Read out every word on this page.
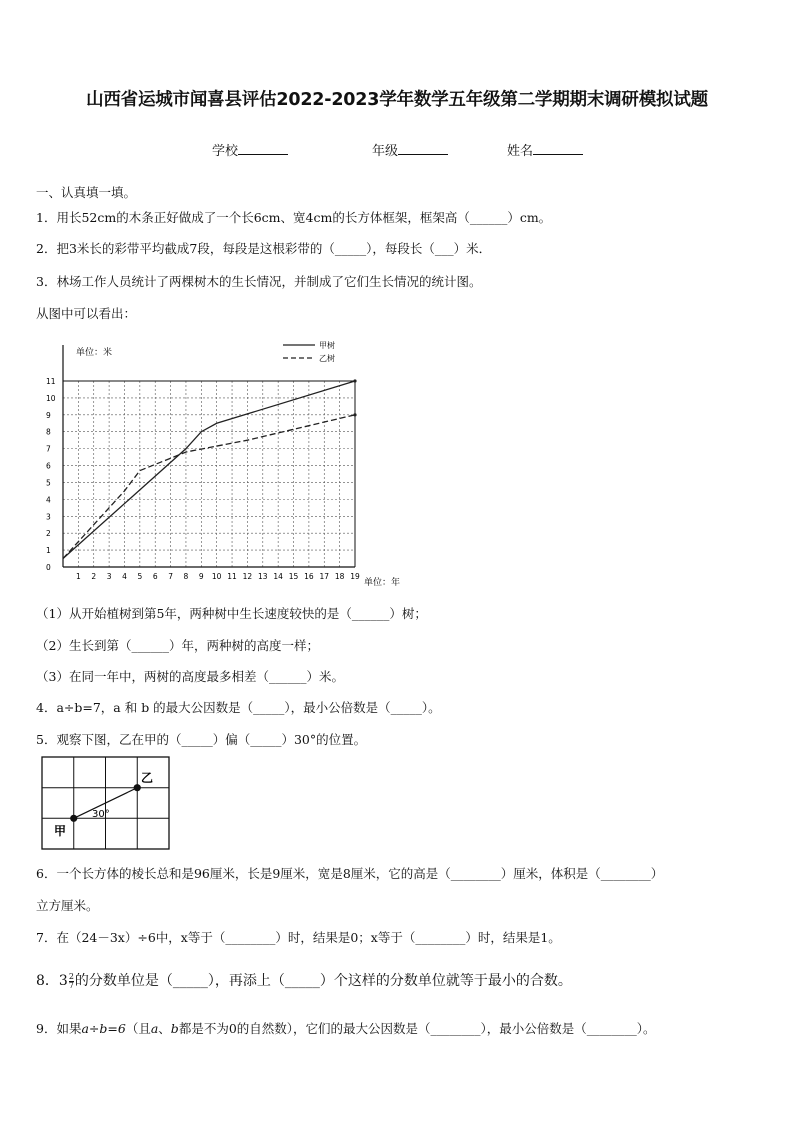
山西省运城市闻喜县评估2022-2023学年数学五年级第二学期期末调研模拟试题
学校	年级	姓名
一、认真填一填。
1．用长52cm的木条正好做成了一个长6cm、宽4cm的长方体框架，框架高（______）cm。
2．把3米长的彩带平均截成7段，每段是这根彩带的（_____），每段长（___）米．
3．林场工作人员统计了两棵树木的生长情况，并制成了它们生长情况的统计图。
从图中可以看出：
0
1
2
3
4
5
6
7
8
9
10
11
1 2 3 4 5 6 7 8 9 10 11 12 13 14 15 16 17 18 19
单位：米
单位：年
甲树
乙树
（1）从开始植树到第5年，两种树中生长速度较快的是（______）树；
（2）生长到第（______）年，两种树的高度一样；
（3）在同一年中，两树的高度最多相差（______）米。
4．a÷b=7，a 和 b 的最大公因数是（_____），最小公倍数是（_____）。
5．观察下图，乙在甲的（_____）偏（_____）30°的位置。
甲
乙
30°
6．一个长方体的棱长总和是96厘米，长是9厘米，宽是8厘米，它的高是（________）厘米，体积是（________）
立方厘米。
7．在（24－3x）÷6中，x等于（________）时，结果是0；x等于（________）时，结果是1。
8．$3 \frac{2}{7}$ 的分数单位是（_____），再添上（_____）个这样的分数单位就等于最小的合数。
9．如果a÷b=6（且a、b都是不为0的自然数），它们的最大公因数是（________），最小公倍数是（________）。
